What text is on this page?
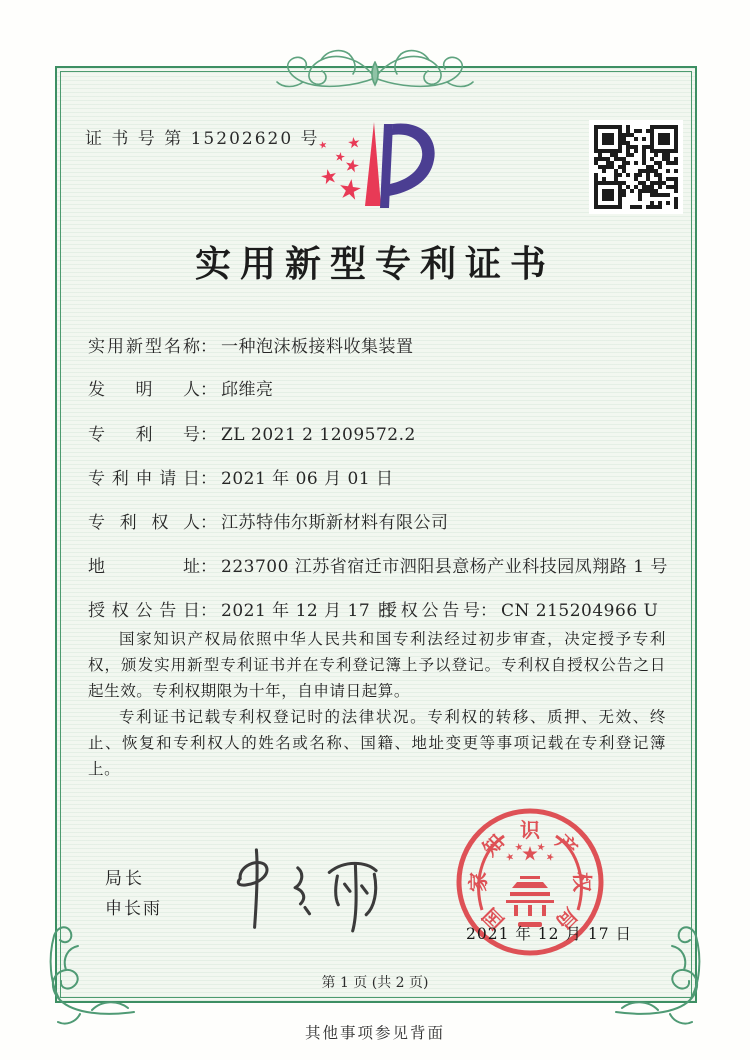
证 书 号 第 15202620 号
实用新型专利证书
实用新型名称： 一种泡沫板接料收集装置
发明人： 邱维亮
专利号： ZL 2021 2 1209572.2
专利申请日： 2021 年 06 月 01 日
专利权人： 江苏特伟尔斯新材料有限公司
地址： 223700 江苏省宿迁市泗阳县意杨产业科技园凤翔路 1 号
授权公告日： 2021 年 12 月 17 日
授权公告号： CN 215204966 U

国家知识产权局依照中华人民共和国专利法经过初步审查，决定授予专利权，颁发实用新型专利证书并在专利登记簿上予以登记。专利权自授权公告之日起生效。专利权期限为十年，自申请日起算。

专利证书记载专利权登记时的法律状况。专利权的转移、质押、无效、终止、恢复和专利权人的姓名或名称、国籍、地址变更等事项记载在专利登记簿上。

局长
申长雨	国
家
知 识 产
权
局
2021 年 12 月 17 日
第 1 页 (共 2 页)
其他事项参见背面
